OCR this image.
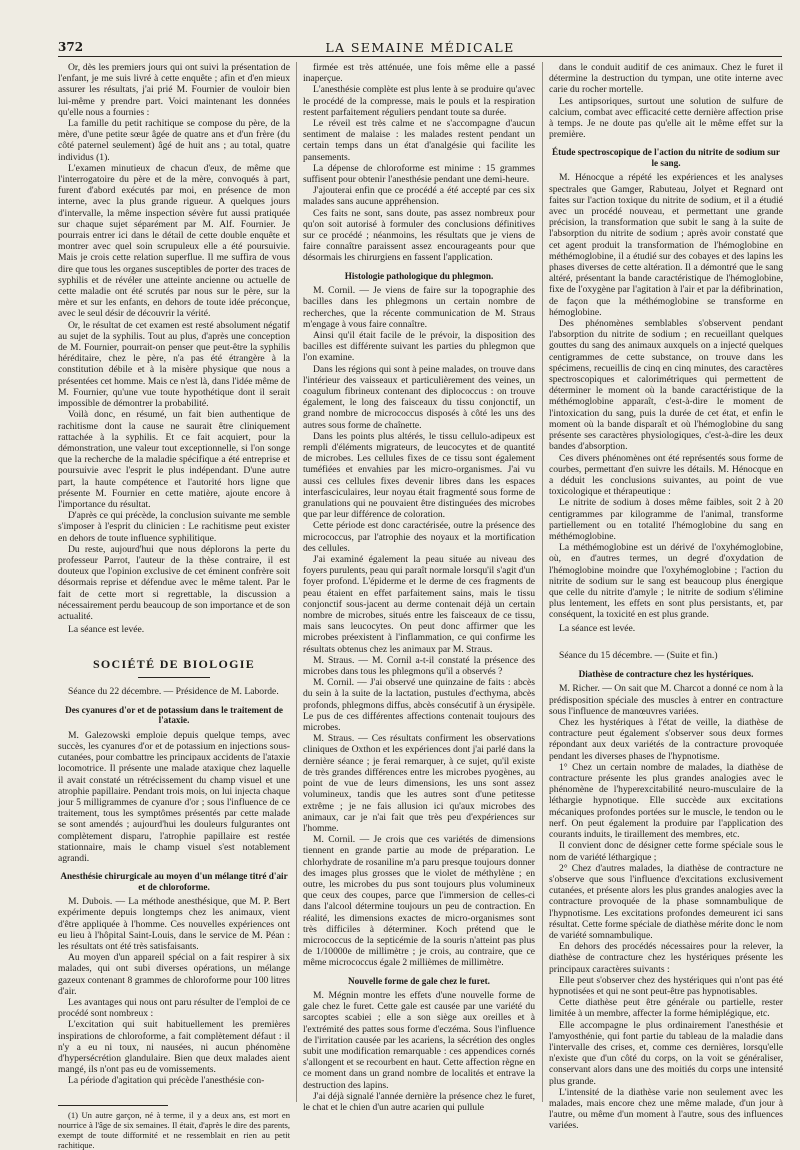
372	LA SEMAINE MÉDICALE

Or, dès les premiers jours qui ont suivi la présentation de l'enfant, je me suis livré à cette enquête ; afin et d'en mieux assurer les résultats, j'ai prié M. Fournier de vouloir bien lui-même y prendre part. Voici maintenant les données qu'elle nous a fournies :

La famille du petit rachitique se compose du père, de la mère, d'une petite sœur âgée de quatre ans et d'un frère (du côté paternel seulement) âgé de huit ans ; au total, quatre individus (1).

L'examen minutieux de chacun d'eux, de même que l'interrogatoire du père et de la mère, convoqués à part, furent d'abord exécutés par moi, en présence de mon interne, avec la plus grande rigueur. A quelques jours d'intervalle, la même inspection sévère fut aussi pratiquée sur chaque sujet séparément par M. Alf. Fournier. Je pourrais entrer ici dans le détail de cette double enquête et montrer avec quel soin scrupuleux elle a été poursuivie. Mais je crois cette relation superflue. Il me suffira de vous dire que tous les organes susceptibles de porter des traces de syphilis et de révéler une atteinte ancienne ou actuelle de cette maladie ont été scrutés par nous sur le père, sur la mère et sur les enfants, en dehors de toute idée préconçue, avec le seul désir de découvrir la vérité.

Or, le résultat de cet examen est resté absolument négatif au sujet de la syphilis. Tout au plus, d'après une conception de M. Fournier, pourrait-on penser que peut-être la syphilis héréditaire, chez le père, n'a pas été étrangère à la constitution débile et à la misère physique que nous a présentées cet homme. Mais ce n'est là, dans l'idée même de M. Fournier, qu'une vue toute hypothétique dont il serait impossible de démontrer la probabilité.

Voilà donc, en résumé, un fait bien authentique de rachitisme dont la cause ne saurait être cliniquement rattachée à la syphilis. Et ce fait acquiert, pour la démonstration, une valeur tout exceptionnelle, si l'on songe que la recherche de la maladie spécifique a été entreprise et poursuivie avec l'esprit le plus indépendant. D'une autre part, la haute compétence et l'autorité hors ligne que présente M. Fournier en cette matière, ajoute encore à l'importance du résultat.

D'après ce qui précède, la conclusion suivante me semble s'imposer à l'esprit du clinicien : Le rachitisme peut exister en dehors de toute influence syphilitique.

Du reste, aujourd'hui que nous déplorons la perte du professeur Parrot, l'auteur de la thèse contraire, il est douteux que l'opinion exclusive de cet éminent confrère soit désormais reprise et défendue avec le même talent. Par le fait de cette mort si regrettable, la discussion a nécessairement perdu beaucoup de son importance et de son actualité.

La séance est levée.

SOCIÉTÉ DE BIOLOGIE

Séance du 22 décembre. — Présidence de M. Laborde.

Des cyanures d'or et de potassium dans le traitement de l'ataxie.

M. Galezowski emploie depuis quelque temps, avec succès, les cyanures d'or et de potassium en injections sous-cutanées, pour combattre les principaux accidents de l'ataxie locomotrice. Il présente une malade ataxique chez laquelle il avait constaté un rétrécissement du champ visuel et une atrophie papillaire. Pendant trois mois, on lui injecta chaque jour 5 milligrammes de cyanure d'or ; sous l'influence de ce traitement, tous les symptômes présentés par cette malade se sont amendés ; aujourd'hui les douleurs fulgurantes ont complètement disparu, l'atrophie papillaire est restée stationnaire, mais le champ visuel s'est notablement agrandi.

Anesthésie chirurgicale au moyen d'un mélange titré d'air et de chloroforme.

M. Dubois. — La méthode anesthésique, que M. P. Bert expérimente depuis longtemps chez les animaux, vient d'être appliquée à l'homme. Ces nouvelles expériences ont eu lieu à l'hôpital Saint-Louis, dans le service de M. Péan : les résultats ont été très satisfaisants.

Au moyen d'un appareil spécial on a fait respirer à six malades, qui ont subi diverses opérations, un mélange gazeux contenant 8 grammes de chloroforme pour 100 litres d'air.

Les avantages qui nous ont paru résulter de l'emploi de ce procédé sont nombreux :

L'excitation qui suit habituellement les premières inspirations de chloroforme, a fait complètement défaut : il n'y a eu ni toux, ni nausées, ni aucun phénomène d'hypersécrétion glandulaire. Bien que deux malades aient mangé, ils n'ont pas eu de vomissements.

La période d'agitation qui précède l'anesthésie con-

(1) Un autre garçon, né à terme, il y a deux ans, est mort en nourrice à l'âge de six semaines. Il était, d'après le dire des parents, exempt de toute difformité et ne ressemblait en rien au petit rachitique.

firmée est très atténuée, une fois même elle a passé inaperçue.

L'anesthésie complète est plus lente à se produire qu'avec le procédé de la compresse, mais le pouls et la respiration restent parfaitement réguliers pendant toute sa durée.

Le réveil est très calme et ne s'accompagne d'aucun sentiment de malaise : les malades restent pendant un certain temps dans un état d'analgésie qui facilite les pansements.

La dépense de chloroforme est minime : 15 grammes suffisent pour obtenir l'anesthésie pendant une demi-heure.

J'ajouterai enfin que ce procédé a été accepté par ces six malades sans aucune appréhension.

Ces faits ne sont, sans doute, pas assez nombreux pour qu'on soit autorisé à formuler des conclusions définitives sur ce procédé ; néanmoins, les résultats que je viens de faire connaître paraissent assez encourageants pour que désormais les chirurgiens en fassent l'application.

Histologie pathologique du phlegmon.

M. Cornil. — Je viens de faire sur la topographie des bacilles dans les phlegmons un certain nombre de recherches, que la récente communication de M. Straus m'engage à vous faire connaître.

Ainsi qu'il était facile de le prévoir, la disposition des bacilles est différente suivant les parties du phlegmon que l'on examine.

Dans les régions qui sont à peine malades, on trouve dans l'intérieur des vaisseaux et particulièrement des veines, un coagulum fibrineux contenant des diplococcus : on trouve également, le long des faisceaux du tissu conjonctif, un grand nombre de micrococcus disposés à côté les uns des autres sous forme de chaînette.

Dans les points plus altérés, le tissu cellulo-adipeux est rempli d'éléments migrateurs, de leucocytes et de quantité de microbes. Les cellules fixes de ce tissu sont également tuméfiées et envahies par les micro-organismes. J'ai vu aussi ces cellules fixes devenir libres dans les espaces interfasciculaires, leur noyau était fragmenté sous forme de granulations qui ne pouvaient être distinguées des microbes que par leur différence de coloration.

Cette période est donc caractérisée, outre la présence des micrococcus, par l'atrophie des noyaux et la mortification des cellules.

J'ai examiné également la peau située au niveau des foyers purulents, peau qui paraît normale lorsqu'il s'agit d'un foyer profond. L'épiderme et le derme de ces fragments de peau étaient en effet parfaitement sains, mais le tissu conjonctif sous-jacent au derme contenait déjà un certain nombre de microbes, situés entre les faisceaux de ce tissu, mais sans leucocytes. On peut donc affirmer que les microbes préexistent à l'inflammation, ce qui confirme les résultats obtenus chez les animaux par M. Straus.

M. Straus. — M. Cornil a-t-il constaté la présence des microbes dans tous les phlegmons qu'il a observés ?

M. Cornil. — J'ai observé une quinzaine de faits : abcès du sein à la suite de la lactation, pustules d'ecthyma, abcès profonds, phlegmons diffus, abcès consécutif à un érysipèle. Le pus de ces différentes affections contenait toujours des microbes.

M. Straus. — Ces résultats confirment les observations cliniques de Oxthon et les expériences dont j'ai parlé dans la dernière séance ; je ferai remarquer, à ce sujet, qu'il existe de très grandes différences entre les microbes pyogènes, au point de vue de leurs dimensions, les uns sont assez volumineux, tandis que les autres sont d'une petitesse extrême ; je ne fais allusion ici qu'aux microbes des animaux, car je n'ai fait que très peu d'expériences sur l'homme.

M. Cornil. — Je crois que ces variétés de dimensions tiennent en grande partie au mode de préparation. Le chlorhydrate de rosaniline m'a paru presque toujours donner des images plus grosses que le violet de méthylène ; en outre, les microbes du pus sont toujours plus volumineux que ceux des coupes, parce que l'immersion de celles-ci dans l'alcool détermine toujours un peu de contraction. En réalité, les dimensions exactes de micro-organismes sont très difficiles à déterminer. Koch prétend que le micrococcus de la septicémie de la souris n'atteint pas plus de 1/10000e de millimètre ; je crois, au contraire, que ce même micrococcus égale 2 millièmes de millimètre.

Nouvelle forme de gale chez le furet.

M. Mégnin montre les effets d'une nouvelle forme de gale chez le furet. Cette gale est causée par une variété du sarcoptes scabiei ; elle a son siège aux oreilles et à l'extrémité des pattes sous forme d'eczéma. Sous l'influence de l'irritation causée par les acariens, la sécrétion des ongles subit une modification remarquable : ces appendices cornés s'allongent et se recourbent en haut. Cette affection règne en ce moment dans un grand nombre de localités et entrave la destruction des lapins.

J'ai déjà signalé l'année dernière la présence chez le furet, le chat et le chien d'un autre acarien qui pullule

dans le conduit auditif de ces animaux. Chez le furet il détermine la destruction du tympan, une otite interne avec carie du rocher mortelle.

Les antipsoriques, surtout une solution de sulfure de calcium, combat avec efficacité cette dernière affection prise à temps. Je ne doute pas qu'elle ait le même effet sur la première.

Étude spectroscopique de l'action du nitrite de sodium sur le sang.

M. Hénocque a répété les expériences et les analyses spectrales que Gamger, Rabuteau, Jolyet et Regnard ont faites sur l'action toxique du nitrite de sodium, et il a étudié avec un procédé nouveau, et permettant une grande précision, la transformation que subit le sang à la suite de l'absorption du nitrite de sodium ; après avoir constaté que cet agent produit la transformation de l'hémoglobine en méthémoglobine, il a étudié sur des cobayes et des lapins les phases diverses de cette altération. Il a démontré que le sang altéré, présentant la bande caractéristique de l'hémoglobine, fixe de l'oxygène par l'agitation à l'air et par la défibrination, de façon que la méthémoglobine se transforme en hémoglobine.

Des phénomènes semblables s'observent pendant l'absorption du nitrite de sodium ; en recueillant quelques gouttes du sang des animaux auxquels on a injecté quelques centigrammes de cette substance, on trouve dans les spécimens, recueillis de cinq en cinq minutes, des caractères spectroscopiques et calorimétriques qui permettent de déterminer le moment où la bande caractéristique de la méthémoglobine apparaît, c'est-à-dire le moment de l'intoxication du sang, puis la durée de cet état, et enfin le moment où la bande disparaît et où l'hémoglobine du sang présente ses caractères physiologiques, c'est-à-dire les deux bandes d'absorption.

Ces divers phénomènes ont été représentés sous forme de courbes, permettant d'en suivre les détails. M. Hénocque en a déduit les conclusions suivantes, au point de vue toxicologique et thérapeutique :

Le nitrite de sodium à doses même faibles, soit 2 à 20 centigrammes par kilogramme de l'animal, transforme partiellement ou en totalité l'hémoglobine du sang en méthémoglobine.

La méthémoglobine est un dérivé de l'oxyhémoglobine, où, en d'autres termes, un degré d'oxydation de l'hémoglobine moindre que l'oxyhémoglobine ; l'action du nitrite de sodium sur le sang est beaucoup plus énergique que celle du nitrite d'amyle ; le nitrite de sodium s'élimine plus lentement, les effets en sont plus persistants, et, par conséquent, la toxicité en est plus grande.

La séance est levée.

Séance du 15 décembre. — (Suite et fin.)

Diathèse de contracture chez les hystériques.

M. Richer. — On sait que M. Charcot a donné ce nom à la prédisposition spéciale des muscles à entrer en contracture sous l'influence de manœuvres variées.

Chez les hystériques à l'état de veille, la diathèse de contracture peut également s'observer sous deux formes répondant aux deux variétés de la contracture provoquée pendant les diverses phases de l'hypnotisme.

1° Chez un certain nombre de malades, la diathèse de contracture présente les plus grandes analogies avec le phénomène de l'hyperexcitabilité neuro-musculaire de la léthargie hypnotique. Elle succède aux excitations mécaniques profondes portées sur le muscle, le tendon ou le nerf. On peut également la produire par l'application des courants induits, le tiraillement des membres, etc.

Il convient donc de désigner cette forme spéciale sous le nom de variété léthargique ;

2° Chez d'autres malades, la diathèse de contracture ne s'observe que sous l'influence d'excitations exclusivement cutanées, et présente alors les plus grandes analogies avec la contracture provoquée de la phase somnambulique de l'hypnotisme. Les excitations profondes demeurent ici sans résultat. Cette forme spéciale de diathèse mérite donc le nom de variété somnambulique.

En dehors des procédés nécessaires pour la relever, la diathèse de contracture chez les hystériques présente les principaux caractères suivants :

Elle peut s'observer chez des hystériques qui n'ont pas été hypnotisées et qui ne sont peut-être pas hypnotisables.

Cette diathèse peut être générale ou partielle, rester limitée à un membre, affecter la forme hémiplégique, etc.

Elle accompagne le plus ordinairement l'anesthésie et l'amyosthénie, qui font partie du tableau de la maladie dans l'intervalle des crises, et, comme ces dernières, lorsqu'elle n'existe que d'un côté du corps, on la voit se généraliser, conservant alors dans une des moitiés du corps une intensité plus grande.

L'intensité de la diathèse varie non seulement avec les malades, mais encore chez une même malade, d'un jour à l'autre, ou même d'un moment à l'autre, sous des influences variées.
